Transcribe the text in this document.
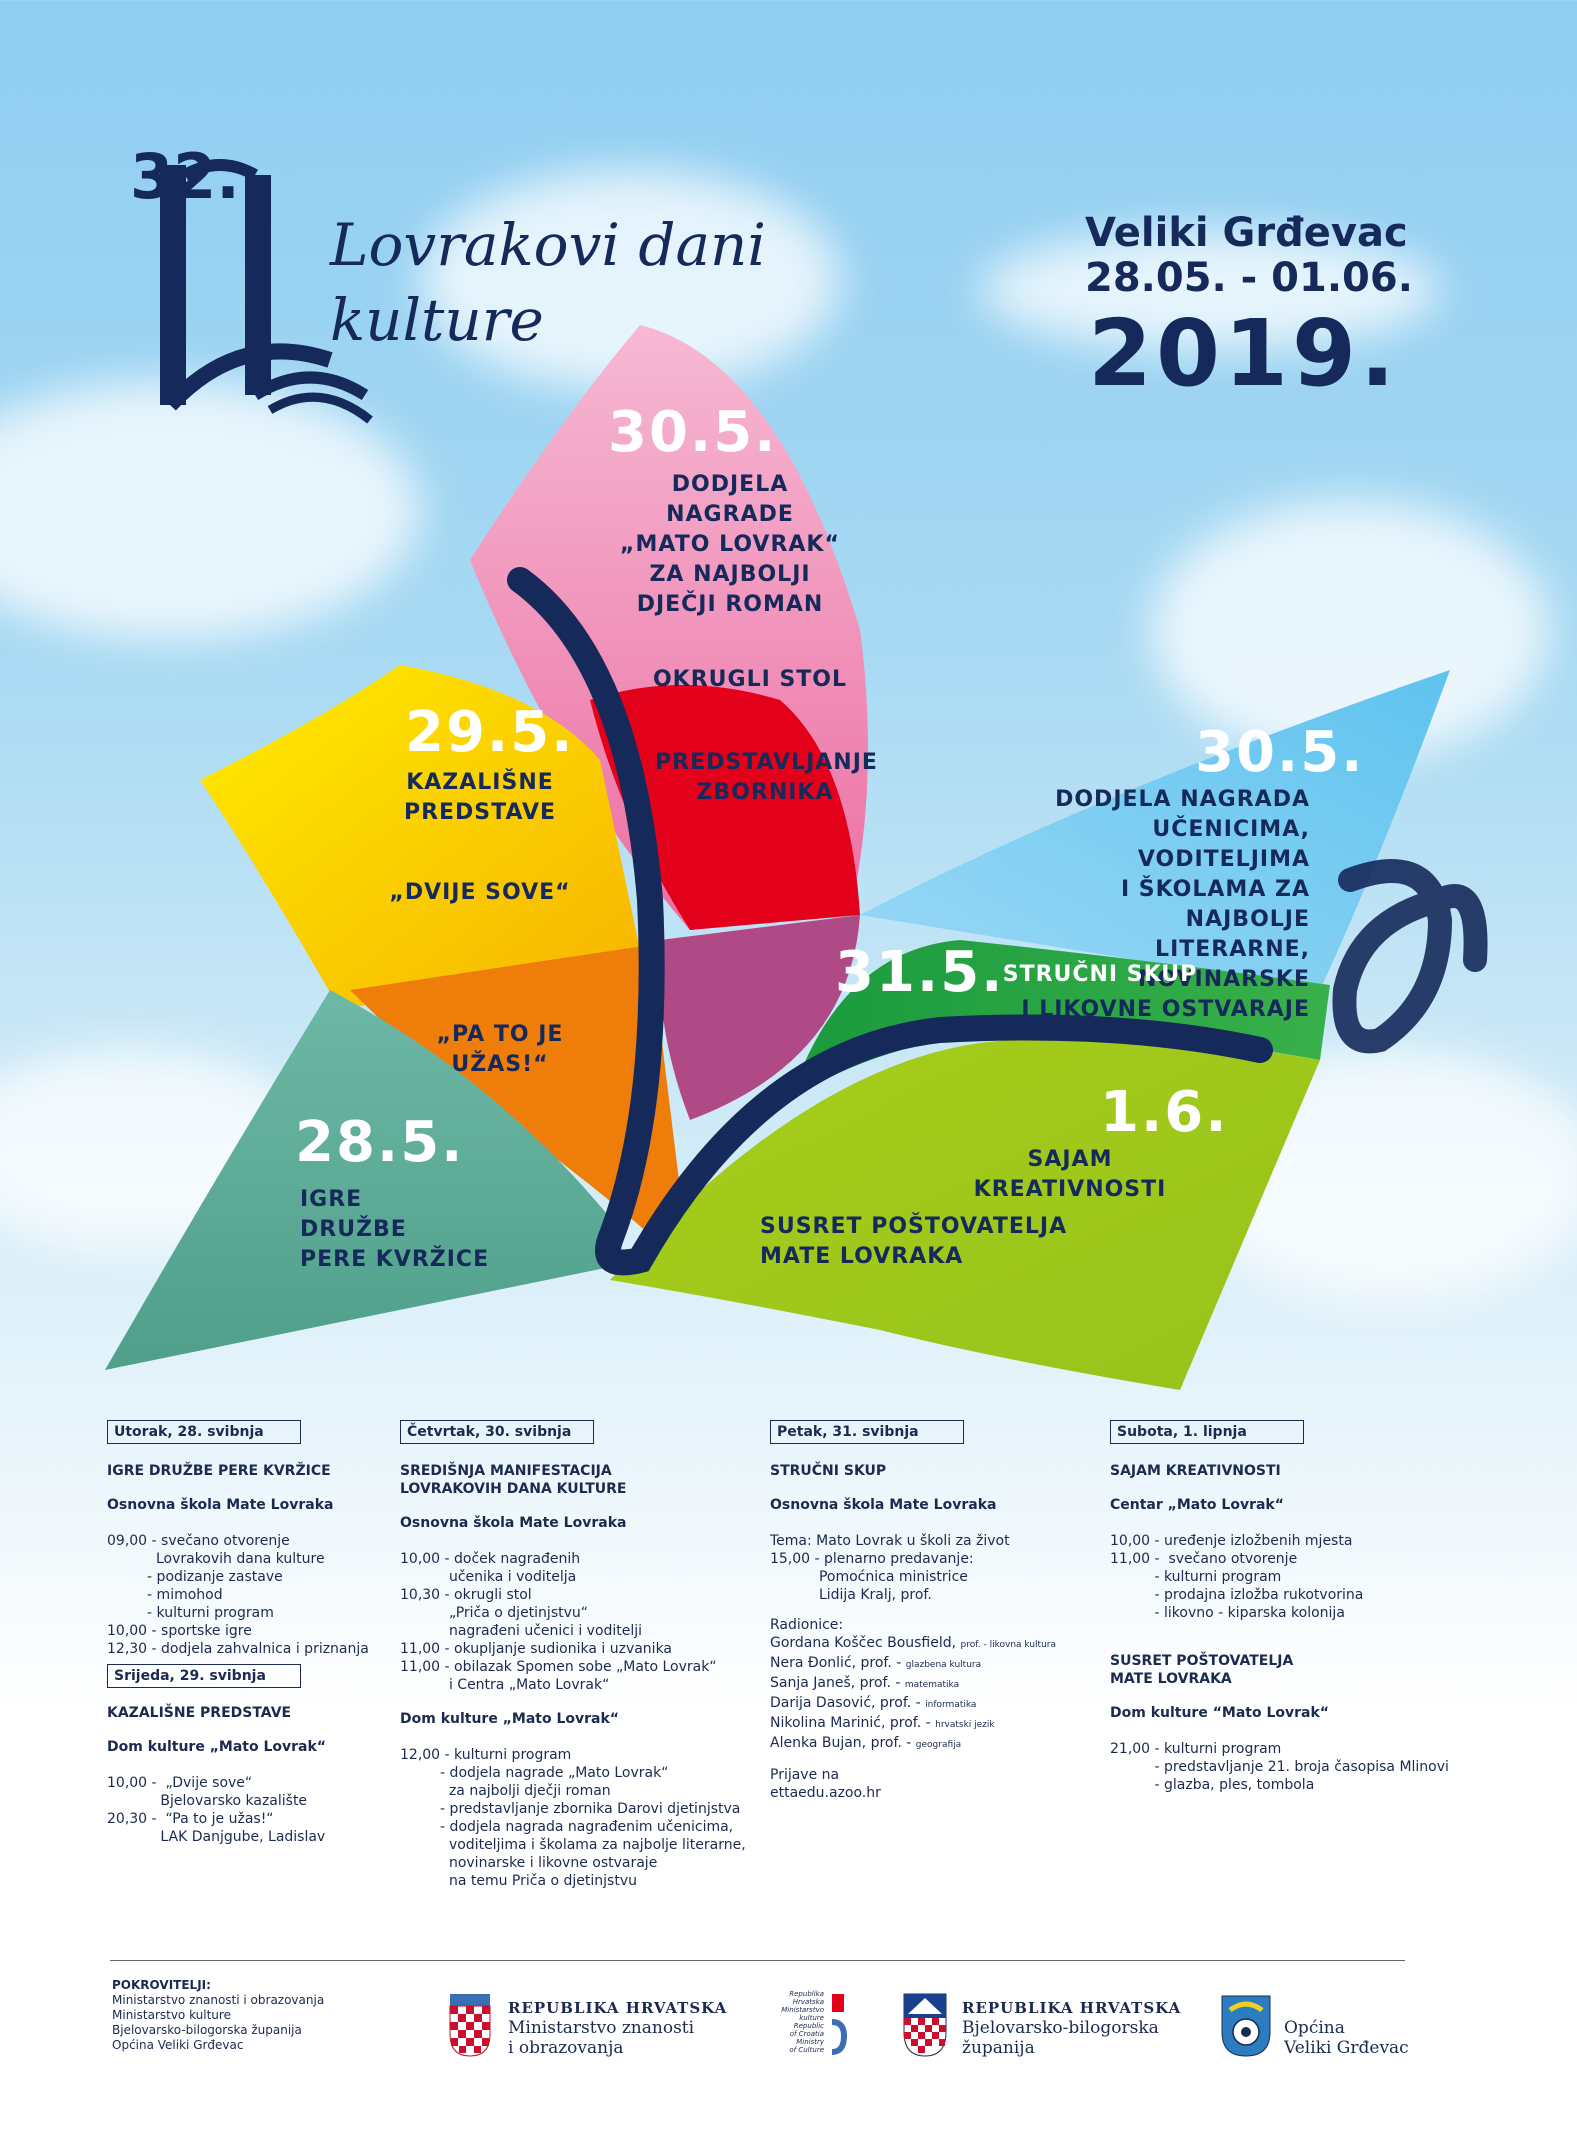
32.
Lovrakovi dani
kulture
Veliki Grđevac
28.05. - 01.06.
2019.
30.5.
DODJELA
NAGRADE
„MATO LOVRAK“
ZA NAJBOLJI
DJEČJI ROMAN
OKRUGLI STOL
PREDSTAVLJANJE
ZBORNIKA
29.5.
KAZALIŠNE
PREDSTAVE
„DVIJE SOVE“
„PA TO JE UŽAS!“
30.5.
DODJELA NAGRADA
UČENICIMA, VODITELJIMA
I ŠKOLAMA ZA NAJBOLJE
LITERARNE, NOVINARSKE
I LIKOVNE OSTVARAJE
31.5.
STRUČNI SKUP
1.6.
SAJAM KREATIVNOSTI
SUSRET POŠTOVATELJA
MATE LOVRAKA
28.5.
IGRE
DRUŽBE
PERE KVRŽICE
Utorak, 28. svibnja

IGRE DRUŽBE PERE KVRŽICE

Osnovna škola Mate Lovraka

09,00 - svečano otvorenje

Lovrakovih dana kulture

- podizanje zastave

- mimohod

- kulturni program

10,00 - sportske igre

12,30 - dodjela zahvalnica i priznanja

Srijeda, 29. svibnja

KAZALIŠNE PREDSTAVE

Dom kulture „Mato Lovrak“

10,00 -  „Dvije sove“

Bjelovarsko kazalište

20,30 -  “Pa to je užas!“

LAK Danjgube, Ladislav

Četvrtak, 30. svibnja

SREDIŠNJA MANIFESTACIJA

LOVRAKOVIH DANA KULTURE

Osnovna škola Mate Lovraka

10,00 - doček nagrađenih

učenika i voditelja

10,30 - okrugli stol

„Priča o djetinjstvu“

nagrađeni učenici i voditelji

11,00 - okupljanje sudionika i uzvanika

11,00 - obilazak Spomen sobe „Mato Lovrak“

i Centra „Mato Lovrak“

Dom kulture „Mato Lovrak“

12,00 - kulturni program

- dodjela nagrade „Mato Lovrak“

za najbolji dječji roman

- predstavljanje zbornika Darovi djetinjstva

- dodjela nagrada nagrađenim učenicima,

voditeljima i školama za najbolje literarne,

novinarske i likovne ostvaraje

na temu Priča o djetinjstvu

Petak, 31. svibnja

STRUČNI SKUP

Osnovna škola Mate Lovraka

Tema: Mato Lovrak u školi za život

15,00 - plenarno predavanje:

Pomoćnica ministrice

Lidija Kralj, prof.

Radionice:

Gordana Koščec Bousfield, prof. - likovna kultura

Nera Đonlić, prof. - glazbena kultura

Sanja Janeš, prof. - matematika

Darija Dasović, prof. - informatika

Nikolina Marinić, prof. - hrvatski jezik

Alenka Bujan, prof. - geografija

Prijave na

ettaedu.azoo.hr

Subota, 1. lipnja

SAJAM KREATIVNOSTI

Centar „Mato Lovrak“

10,00 - uređenje izložbenih mjesta

11,00 -  svečano otvorenje

- kulturni program

- prodajna izložba rukotvorina

- likovno - kiparska kolonija

SUSRET POŠTOVATELJA

MATE LOVRAKA

Dom kulture “Mato Lovrak“

21,00 - kulturni program

- predstavljanje 21. broja časopisa Mlinovi

- glazba, ples, tombola

POKROVITELJI:
Ministarstvo znanosti i obrazovanja
Ministarstvo kulture
Bjelovarsko-bilogorska županija
Općina Veliki Grđevac
REPUBLIKA HRVATSKA
Ministarstvo znanosti
i obrazovanja
Republika
Hrvatska
Ministarstvo
kulture
Republic
of Croatia
Ministry
of Culture
REPUBLIKA HRVATSKA
Bjelovarsko-bilogorska
županija
Općina
Veliki Grđevac
